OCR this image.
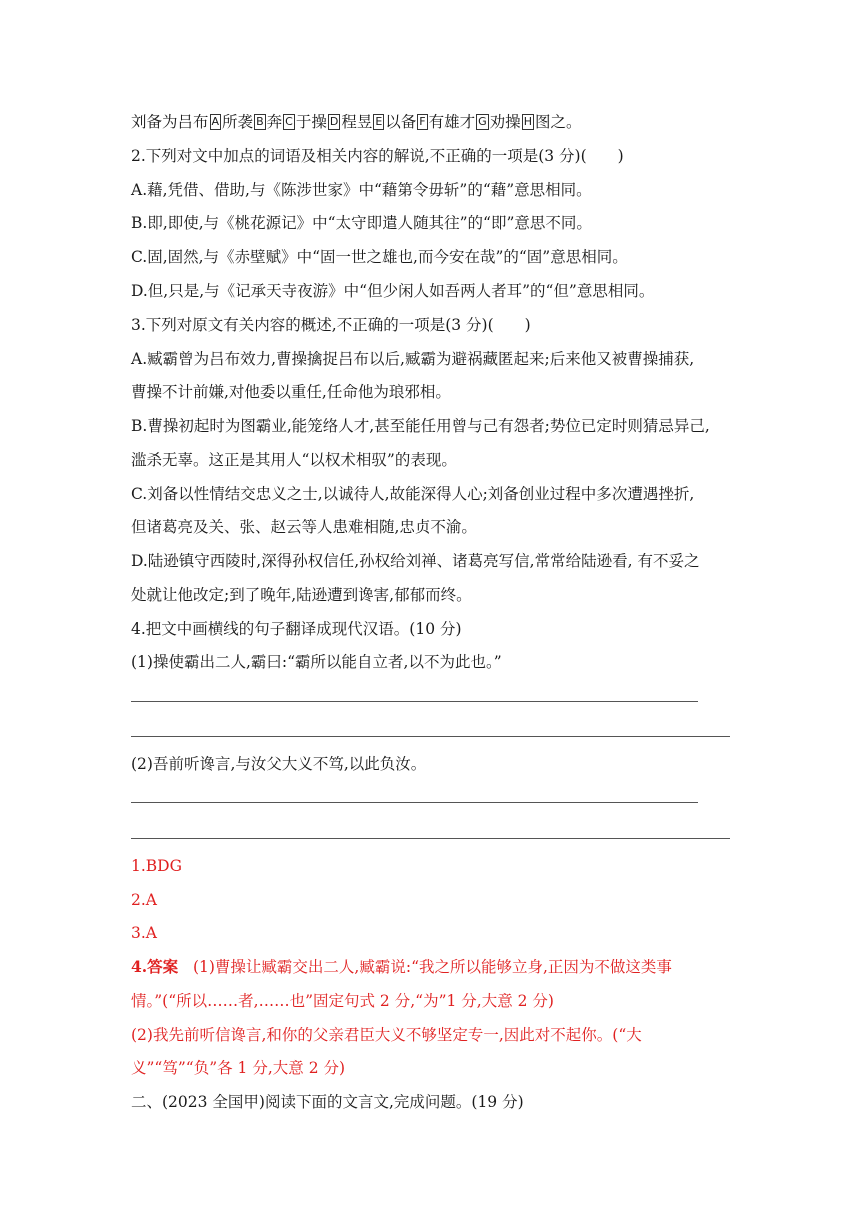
刘备为吕布 A 所袭 B 奔 C 于操 D 程昱 E 以备 F 有雄才 G 劝操 H 图之。
2.下列对文中加点的词语及相关内容的解说,不正确的一项是(3 分)(　　)
A.藉,凭借、借助,与《陈涉世家》中“藉第令毋斩”的“藉”意思相同。
B.即,即使,与《桃花源记》中“太守即遣人随其往”的“即”意思不同。
C.固,固然,与《赤壁赋》中“固一世之雄也,而今安在哉”的“固”意思相同。
D.但,只是,与《记承天寺夜游》中“但少闲人如吾两人者耳”的“但”意思相同。
3.下列对原文有关内容的概述,不正确的一项是(3 分)(　　)
A.臧霸曾为吕布效力,曹操擒捉吕布以后,臧霸为避祸藏匿起来;后来他又被曹操捕获,
曹操不计前嫌,对他委以重任,任命他为琅邪相。
B.曹操初起时为图霸业,能笼络人才,甚至能任用曾与己有怨者;势位已定时则猜忌异己,
滥杀无辜。这正是其用人“以权术相驭”的表现。
C.刘备以性情结交忠义之士,以诚待人,故能深得人心;刘备创业过程中多次遭遇挫折,
但诸葛亮及关、张、赵云等人患难相随,忠贞不渝。
D.陆逊镇守西陵时,深得孙权信任,孙权给刘禅、诸葛亮写信,常常给陆逊看, 有不妥之
处就让他改定;到了晚年,陆逊遭到谗害,郁郁而终。
4.把文中画横线的句子翻译成现代汉语。(10 分)
(1)操使霸出二人,霸曰:“霸所以能自立者,以不为此也。”
(2)吾前听谗言,与汝父大义不笃,以此负汝。
1.BDG
2.A
3.A
4.答案 (1)曹操让臧霸交出二人,臧霸说:“我之所以能够立身,正因为不做这类事
情。”(“所以……者,……也”固定句式 2 分,“为”1 分,大意 2 分)
(2)我先前听信谗言,和你的父亲君臣大义不够坚定专一,因此对不起你。(“大
义”“笃”“负”各 1 分,大意 2 分)
二、(2023 全国甲)阅读下面的文言文,完成问题。(19 分)
